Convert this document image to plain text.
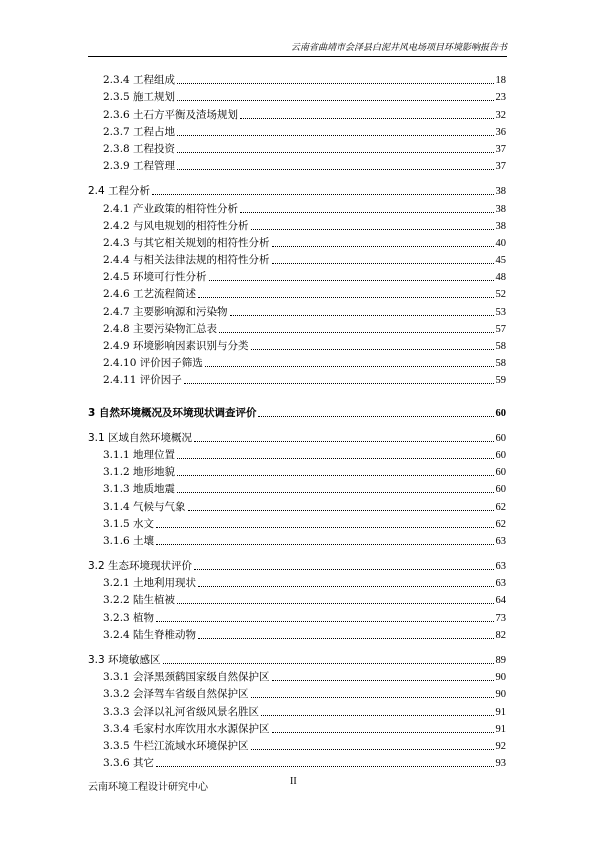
云南省曲靖市会泽县白泥井风电场项目环境影响报告书
2.3.4 工程组成	18
2.3.5 施工规划	23
2.3.6 土石方平衡及渣场规划	32
2.3.7 工程占地	36
2.3.8 工程投资	37
2.3.9 工程管理	37
2.4 工程分析	38
2.4.1 产业政策的相符性分析	38
2.4.2 与风电规划的相符性分析	38
2.4.3 与其它相关规划的相符性分析	40
2.4.4 与相关法律法规的相符性分析	45
2.4.5 环境可行性分析	48
2.4.6 工艺流程简述	52
2.4.7 主要影响源和污染物	53
2.4.8 主要污染物汇总表	57
2.4.9 环境影响因素识别与分类	58
2.4.10 评价因子筛选	58
2.4.11 评价因子	59
3 自然环境概况及环境现状调查评价	60
3.1 区域自然环境概况	60
3.1.1 地理位置	60
3.1.2 地形地貌	60
3.1.3 地质地震	60
3.1.4 气候与气象	62
3.1.5 水文	62
3.1.6 土壤	63
3.2 生态环境现状评价	63
3.2.1 土地利用现状	63
3.2.2 陆生植被	64
3.2.3 植物	73
3.2.4 陆生脊椎动物	82
3.3 环境敏感区	89
3.3.1 会泽黑颈鹤国家级自然保护区	90
3.3.2 会泽驾车省级自然保护区	90
3.3.3 会泽以礼河省级风景名胜区	91
3.3.4 毛家村水库饮用水水源保护区	91
3.3.5 牛栏江流域水环境保护区	92
3.3.6 其它	93
云南环境工程设计研究中心
II
